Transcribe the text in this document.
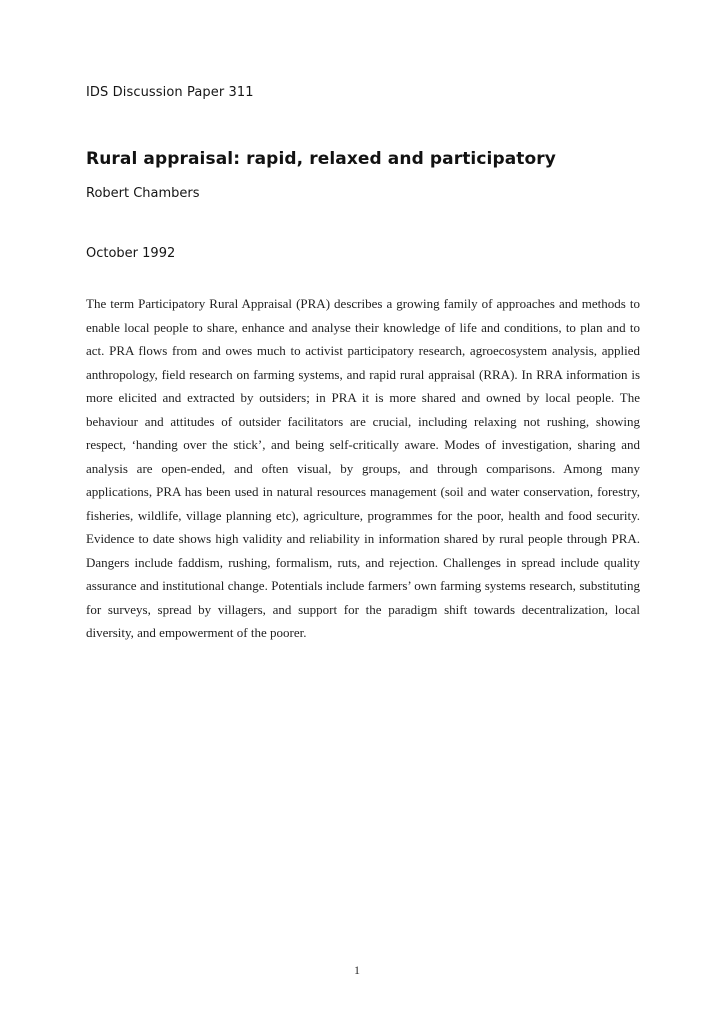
IDS Discussion Paper 311
Rural appraisal: rapid, relaxed and participatory
Robert Chambers
October 1992

The term Participatory Rural Appraisal (PRA) describes a growing family of approaches and methods to enable local people to share, enhance and analyse their knowledge of life and conditions, to plan and to act. PRA flows from and owes much to activist participatory research, agroecosystem analysis, applied anthropology, field research on farming systems, and rapid rural appraisal (RRA). In RRA information is more elicited and extracted by outsiders; in PRA it is more shared and owned by local people. The behaviour and attitudes of outsider facilitators are crucial, including relaxing not rushing, showing respect, ‘handing over the stick’, and being self-critically aware. Modes of investigation, sharing and analysis are open-ended, and often visual, by groups, and through comparisons. Among many applications, PRA has been used in natural resources management (soil and water conservation, forestry, fisheries, wildlife, village planning etc), agriculture, programmes for the poor, health and food security. Evidence to date shows high validity and reliability in information shared by rural people through PRA. Dangers include faddism, rushing, formalism, ruts, and rejection. Challenges in spread include quality assurance and institutional change. Potentials include farmers’ own farming systems research, substituting for surveys, spread by villagers, and support for the paradigm shift towards decentralization, local diversity, and empowerment of the poorer.

1
